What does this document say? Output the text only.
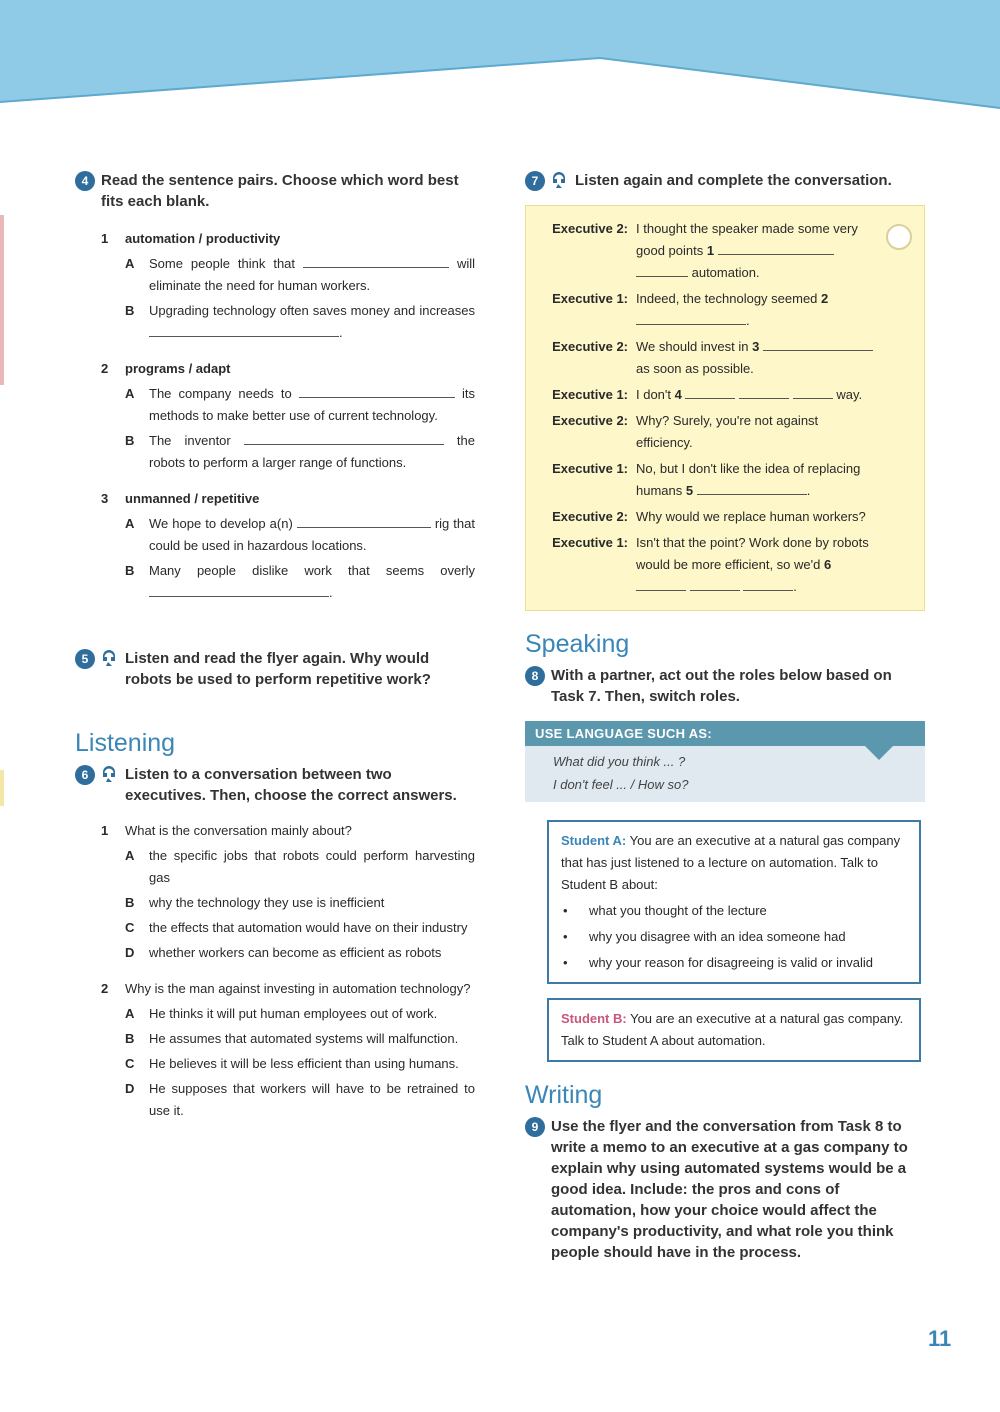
4 Read the sentence pairs. Choose which word best fits each blank.
1	automation / productivity
A	Some people think that	will eliminate the need for human workers.
B	Upgrading technology often saves money and increases .
2	programs / adapt
A	The company needs to	its methods to make better use of current technology.
B	The inventor	the robots to perform a larger range of functions.
3	unmanned / repetitive
A	We hope to develop a(n)	rig that could be used in hazardous locations.
B	Many people dislike work that seems overly .
5	Listen and read the flyer again. Why would robots be used to perform repetitive work?
Listening
6	Listen to a conversation between two executives. Then, choose the correct answers.
1	What is the conversation mainly about?
A	the specific jobs that robots could perform harvesting gas
B	why the technology they use is inefficient
C	the effects that automation would have on their industry
D	whether workers can become as efficient as robots
2	Why is the man against investing in automation technology?
A	He thinks it will put human employees out of work.
B	He assumes that automated systems will malfunction.
C	He believes it will be less efficient than using humans.
D	He supposes that workers will have to be retrained to use it.
7	Listen again and complete the conversation.
Executive 2: I thought the speaker made some very good points 1   automation.
Executive 1: Indeed, the technology seemed 2 .
Executive 2: We should invest in 3  as soon as possible.
Executive 1: I don't 4	way.
Executive 2: Why? Surely, you're not against efficiency.
Executive 1: No, but I don't like the idea of replacing humans 5	.
Executive 2: Why would we replace human workers?
Executive 1: Isn't that the point? Work done by robots would be more efficient, so we'd 6   .
Speaking
8 With a partner, act out the roles below based on Task 7. Then, switch roles.
USE LANGUAGE SUCH AS:
What did you think ... ?
I don't feel ... / How so?
Student A: You are an executive at a natural gas company that has just listened to a lecture on automation. Talk to Student B about:
•	what you thought of the lecture
•	why you disagree with an idea someone had
•	why your reason for disagreeing is valid or invalid
Student B: You are an executive at a natural gas company. Talk to Student A about automation.
Writing
9 Use the flyer and the conversation from Task 8 to write a memo to an executive at a gas company to explain why using automated systems would be a good idea. Include: the pros and cons of automation, how your choice would affect the company's productivity, and what role you think people should have in the process.
11
